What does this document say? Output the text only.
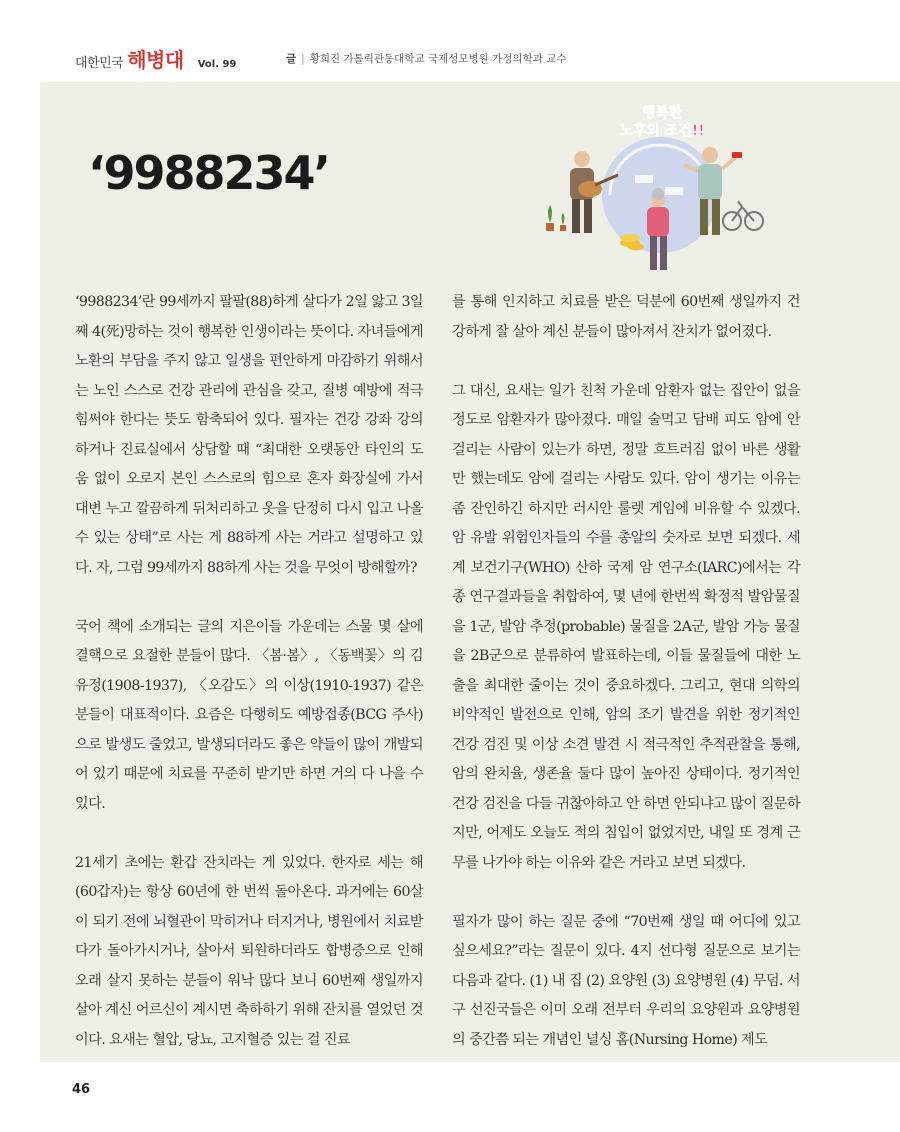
대한민국 해병대 Vol. 99	글 | 황희진 가톨릭관동대학교 국제성모병원 가정의학과 교수
‘9988234’
행복한
노후의 조건!!

‘9988234’란 99세까지 팔팔(88)하게 살다가 2일 앓고 3일째 4(死)망하는 것이 행복한 인생이라는 뜻이다. 자녀들에게 노환의 부담을 주지 않고 일생을 편안하게 마감하기 위해서는 노인 스스로 건강 관리에 관심을 갖고, 질병 예방에 적극 힘써야 한다는 뜻도 함축되어 있다. 필자는 건강 강좌 강의하거나 진료실에서 상담할 때 “최대한 오랫동안 타인의 도움 없이 오로지 본인 스스로의 힘으로 혼자 화장실에 가서 대변 누고 깔끔하게 뒤처리하고 옷을 단정히 다시 입고 나올 수 있는 상태”로 사는 게 88하게 사는 거라고 설명하고 있다. 자, 그럼 99세까지 88하게 사는 것을 무엇이 방해할까?

국어 책에 소개되는 글의 지은이들 가운데는 스물 몇 살에 결핵으로 요절한 분들이 많다. 〈봄·봄〉, 〈동백꽃〉의 김유정(1908-1937), 〈오감도〉의 이상(1910-1937) 같은 분들이 대표적이다. 요즘은 다행히도 예방접종(BCG 주사)으로 발생도 줄었고, 발생되더라도 좋은 약들이 많이 개발되어 있기 때문에 치료를 꾸준히 받기만 하면 거의 다 나을 수 있다.

21세기 초에는 환갑 잔치라는 게 있었다. 한자로 세는 해(60갑자)는 항상 60년에 한 번씩 돌아온다. 과거에는 60살이 되기 전에 뇌혈관이 막히거나 터지거나, 병원에서 치료받다가 돌아가시거나, 살아서 퇴원하더라도 합병증으로 인해 오래 살지 못하는 분들이 워낙 많다 보니 60번째 생일까지 살아 계신 어르신이 계시면 축하하기 위해 잔치를 열었던 것이다. 요새는 혈압, 당뇨, 고지혈증 있는 걸 진료

를 통해 인지하고 치료를 받은 덕분에 60번째 생일까지 건강하게 잘 살아 계신 분들이 많아져서 잔치가 없어졌다.

그 대신, 요새는 일가 친척 가운데 암환자 없는 집안이 없을 정도로 암환자가 많아졌다. 매일 술먹고 담배 피도 암에 안 걸리는 사람이 있는가 하면, 정말 흐트러짐 없이 바른 생활만 했는데도 암에 걸리는 사람도 있다. 암이 생기는 이유는 좀 잔인하긴 하지만 러시안 룰렛 게임에 비유할 수 있겠다. 암 유발 위험인자들의 수를 총알의 숫자로 보면 되겠다. 세계 보건기구(WHO) 산하 국제 암 연구소(IARC)에서는 각종 연구결과들을 취합하여, 몇 년에 한번씩 확정적 발암물질을 1군, 발암 추정(probable) 물질을 2A군, 발암 가능 물질을 2B군으로 분류하여 발표하는데, 이들 물질들에 대한 노출을 최대한 줄이는 것이 중요하겠다. 그리고, 현대 의학의 비약적인 발전으로 인해, 암의 조기 발견을 위한 정기적인 건강 검진 및 이상 소견 발견 시 적극적인 추적관찰을 통해, 암의 완치율, 생존율 둘다 많이 높아진 상태이다. 정기적인 건강 검진을 다들 귀찮아하고 안 하면 안되냐고 많이 질문하지만, 어제도 오늘도 적의 침입이 없었지만, 내일 또 경계 근무를 나가야 하는 이유와 같은 거라고 보면 되겠다.

필자가 많이 하는 질문 중에 “70번째 생일 때 어디에 있고 싶으세요?”라는 질문이 있다. 4지 선다형 질문으로 보기는 다음과 같다. (1) 내 집 (2) 요양원 (3) 요양병원 (4) 무덤. 서구 선진국들은 이미 오래 전부터 우리의 요양원과 요양병원의 중간쯤 되는 개념인 널싱 홈(Nursing Home) 제도

46
